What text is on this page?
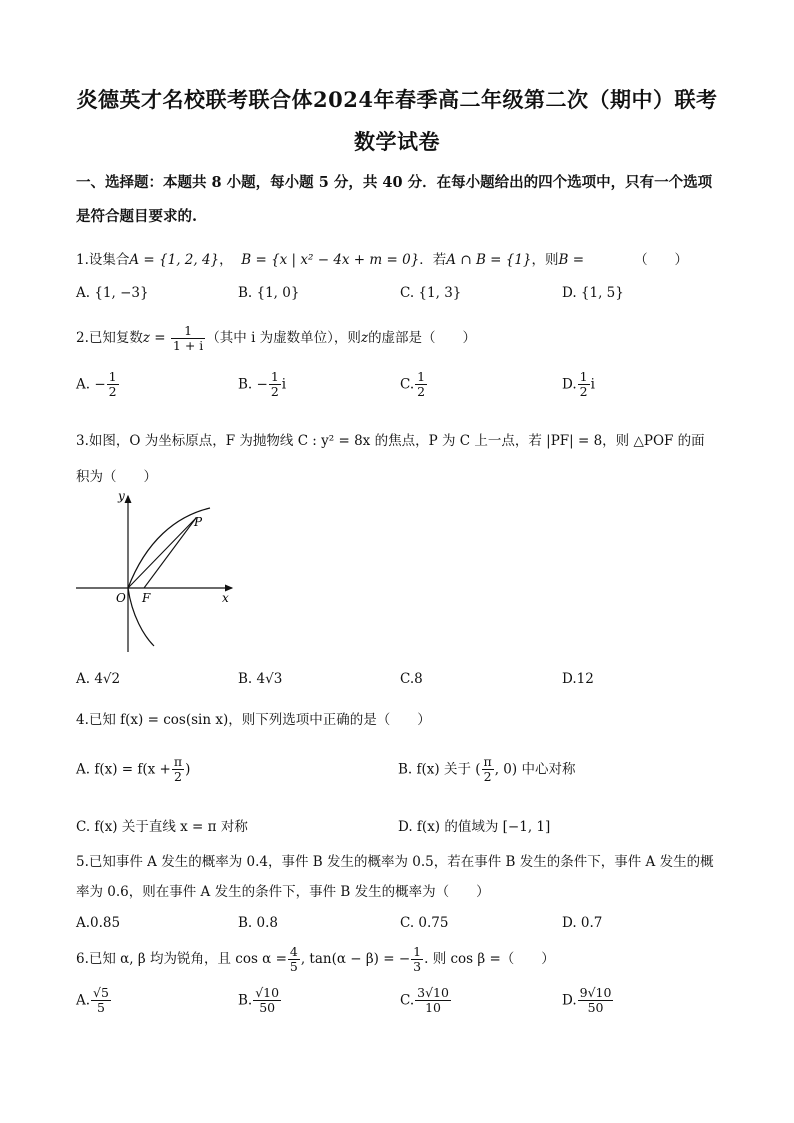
炎德英才名校联考联合体2024年春季高二年级第二次（期中）联考
数学试卷
一、选择题：本题共 8 小题，每小题 5 分，共 40 分．在每小题给出的四个选项中，只有一个选项是符合题目要求的.
1.设集合A = {1, 2, 4}， B = {x | x² − 4x + m = 0}．若A ∩ B = {1}，则B =	（　　）
A. {1, −3}	B. {1, 0}	C. {1, 3}	D. {1, 5}
2.已知复数$z = \frac{1}{1 + i}$ （其中 i 为虚数单位），则z的虚部是（　　）
A. − $\frac{1}{2}$	B. − $\frac{1}{2}$ i	C. $\frac{1}{2}$	D. $\frac{1}{2}$ i
3.如图，O 为坐标原点，F 为抛物线 C : y² = 8x 的焦点，P 为 C 上一点，若 |PF| = 8，则 △POF 的面
积为（　　）
y
x
O F
P
A. 4√2	B. 4√3	C.8	D.12
4.已知 f(x) = cos(sin x)，则下列选项中正确的是（　　）
A. $f(x) = f(x + \frac{\pi}{2}$ )	B. f(x) 关于 ( $\frac{\pi}{2}$ , 0) 中心对称
C. f(x) 关于直线 x = π 对称	D. f(x) 的值域为 [−1, 1]
5.已知事件 A 发生的概率为 0.4，事件 B 发生的概率为 0.5，若在事件 B 发生的条件下，事件 A 发生的概
率为 0.6，则在事件 A 发生的条件下，事件 B 发生的概率为（　　）
A.0.85	B. 0.8	C. 0.75	D. 0.7
6.已知 α, β 均为锐角，且 $\cos \alpha = \frac{4}{5}$ , tan(α − β) = − $\frac{1}{3}$ . 则 cos β =（　　）
A. $\frac{√5}{5}$	B. $\frac{√10}{50}$	C. $\frac{3√10}{10}$	D. $\frac{9√10}{50}$
